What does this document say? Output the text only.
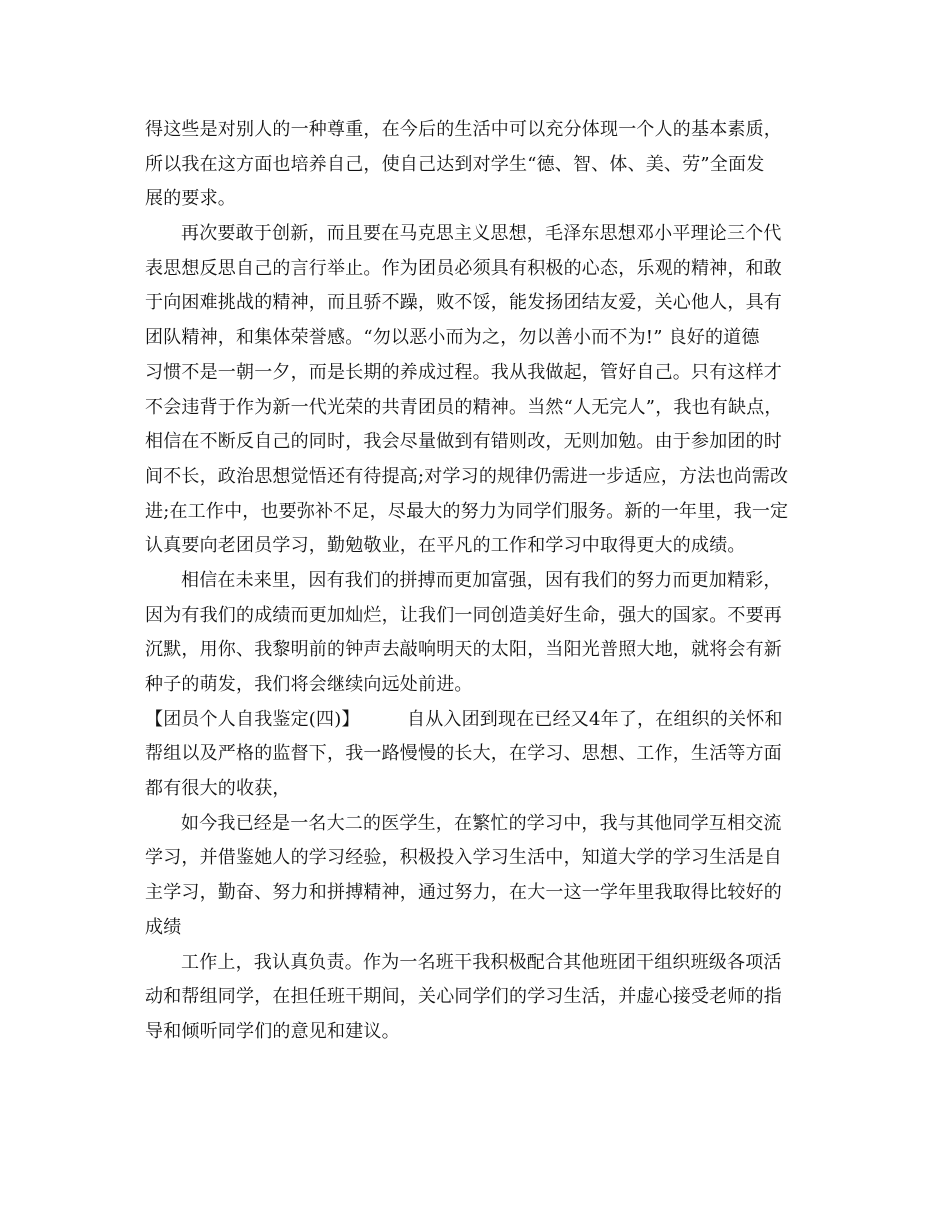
得这些是对别人的一种尊重，在今后的生活中可以充分体现一个人的基本素质，
所以我在这方面也培养自己，使自己达到对学生“德、智、体、美、劳”全面发
展的要求。
再次要敢于创新，而且要在马克思主义思想，毛泽东思想邓小平理论三个代
表思想反思自己的言行举止。作为团员必须具有积极的心态，乐观的精神，和敢
于向困难挑战的精神，而且骄不躁，败不馁，能发扬团结友爱，关心他人，具有
团队精神，和集体荣誉感。“勿以恶小而为之，勿以善小而不为!” 良好的道德
习惯不是一朝一夕，而是长期的养成过程。我从我做起，管好自己。只有这样才
不会违背于作为新一代光荣的共青团员的精神。当然“人无完人”，我也有缺点，
相信在不断反自己的同时，我会尽量做到有错则改，无则加勉。由于参加团的时
间不长，政治思想觉悟还有待提高;对学习的规律仍需进一步适应，方法也尚需改
进;在工作中，也要弥补不足，尽最大的努力为同学们服务。新的一年里，我一定
认真要向老团员学习，勤勉敬业，在平凡的工作和学习中取得更大的成绩。
相信在未来里，因有我们的拼搏而更加富强，因有我们的努力而更加精彩，
因为有我们的成绩而更加灿烂，让我们一同创造美好生命，强大的国家。不要再
沉默，用你、我黎明前的钟声去敲响明天的太阳，当阳光普照大地，就将会有新
种子的萌发，我们将会继续向远处前进。
【团员个人自我鉴定(四)】	自从入团到现在已经又4年了，在组织的关怀和
帮组以及严格的监督下，我一路慢慢的长大，在学习、思想、工作，生活等方面
都有很大的收获，
如今我已经是一名大二的医学生，在繁忙的学习中，我与其他同学互相交流
学习，并借鉴她人的学习经验，积极投入学习生活中，知道大学的学习生活是自
主学习，勤奋、努力和拼搏精神，通过努力，在大一这一学年里我取得比较好的
成绩
工作上，我认真负责。作为一名班干我积极配合其他班团干组织班级各项活
动和帮组同学，在担任班干期间，关心同学们的学习生活，并虚心接受老师的指
导和倾听同学们的意见和建议。
